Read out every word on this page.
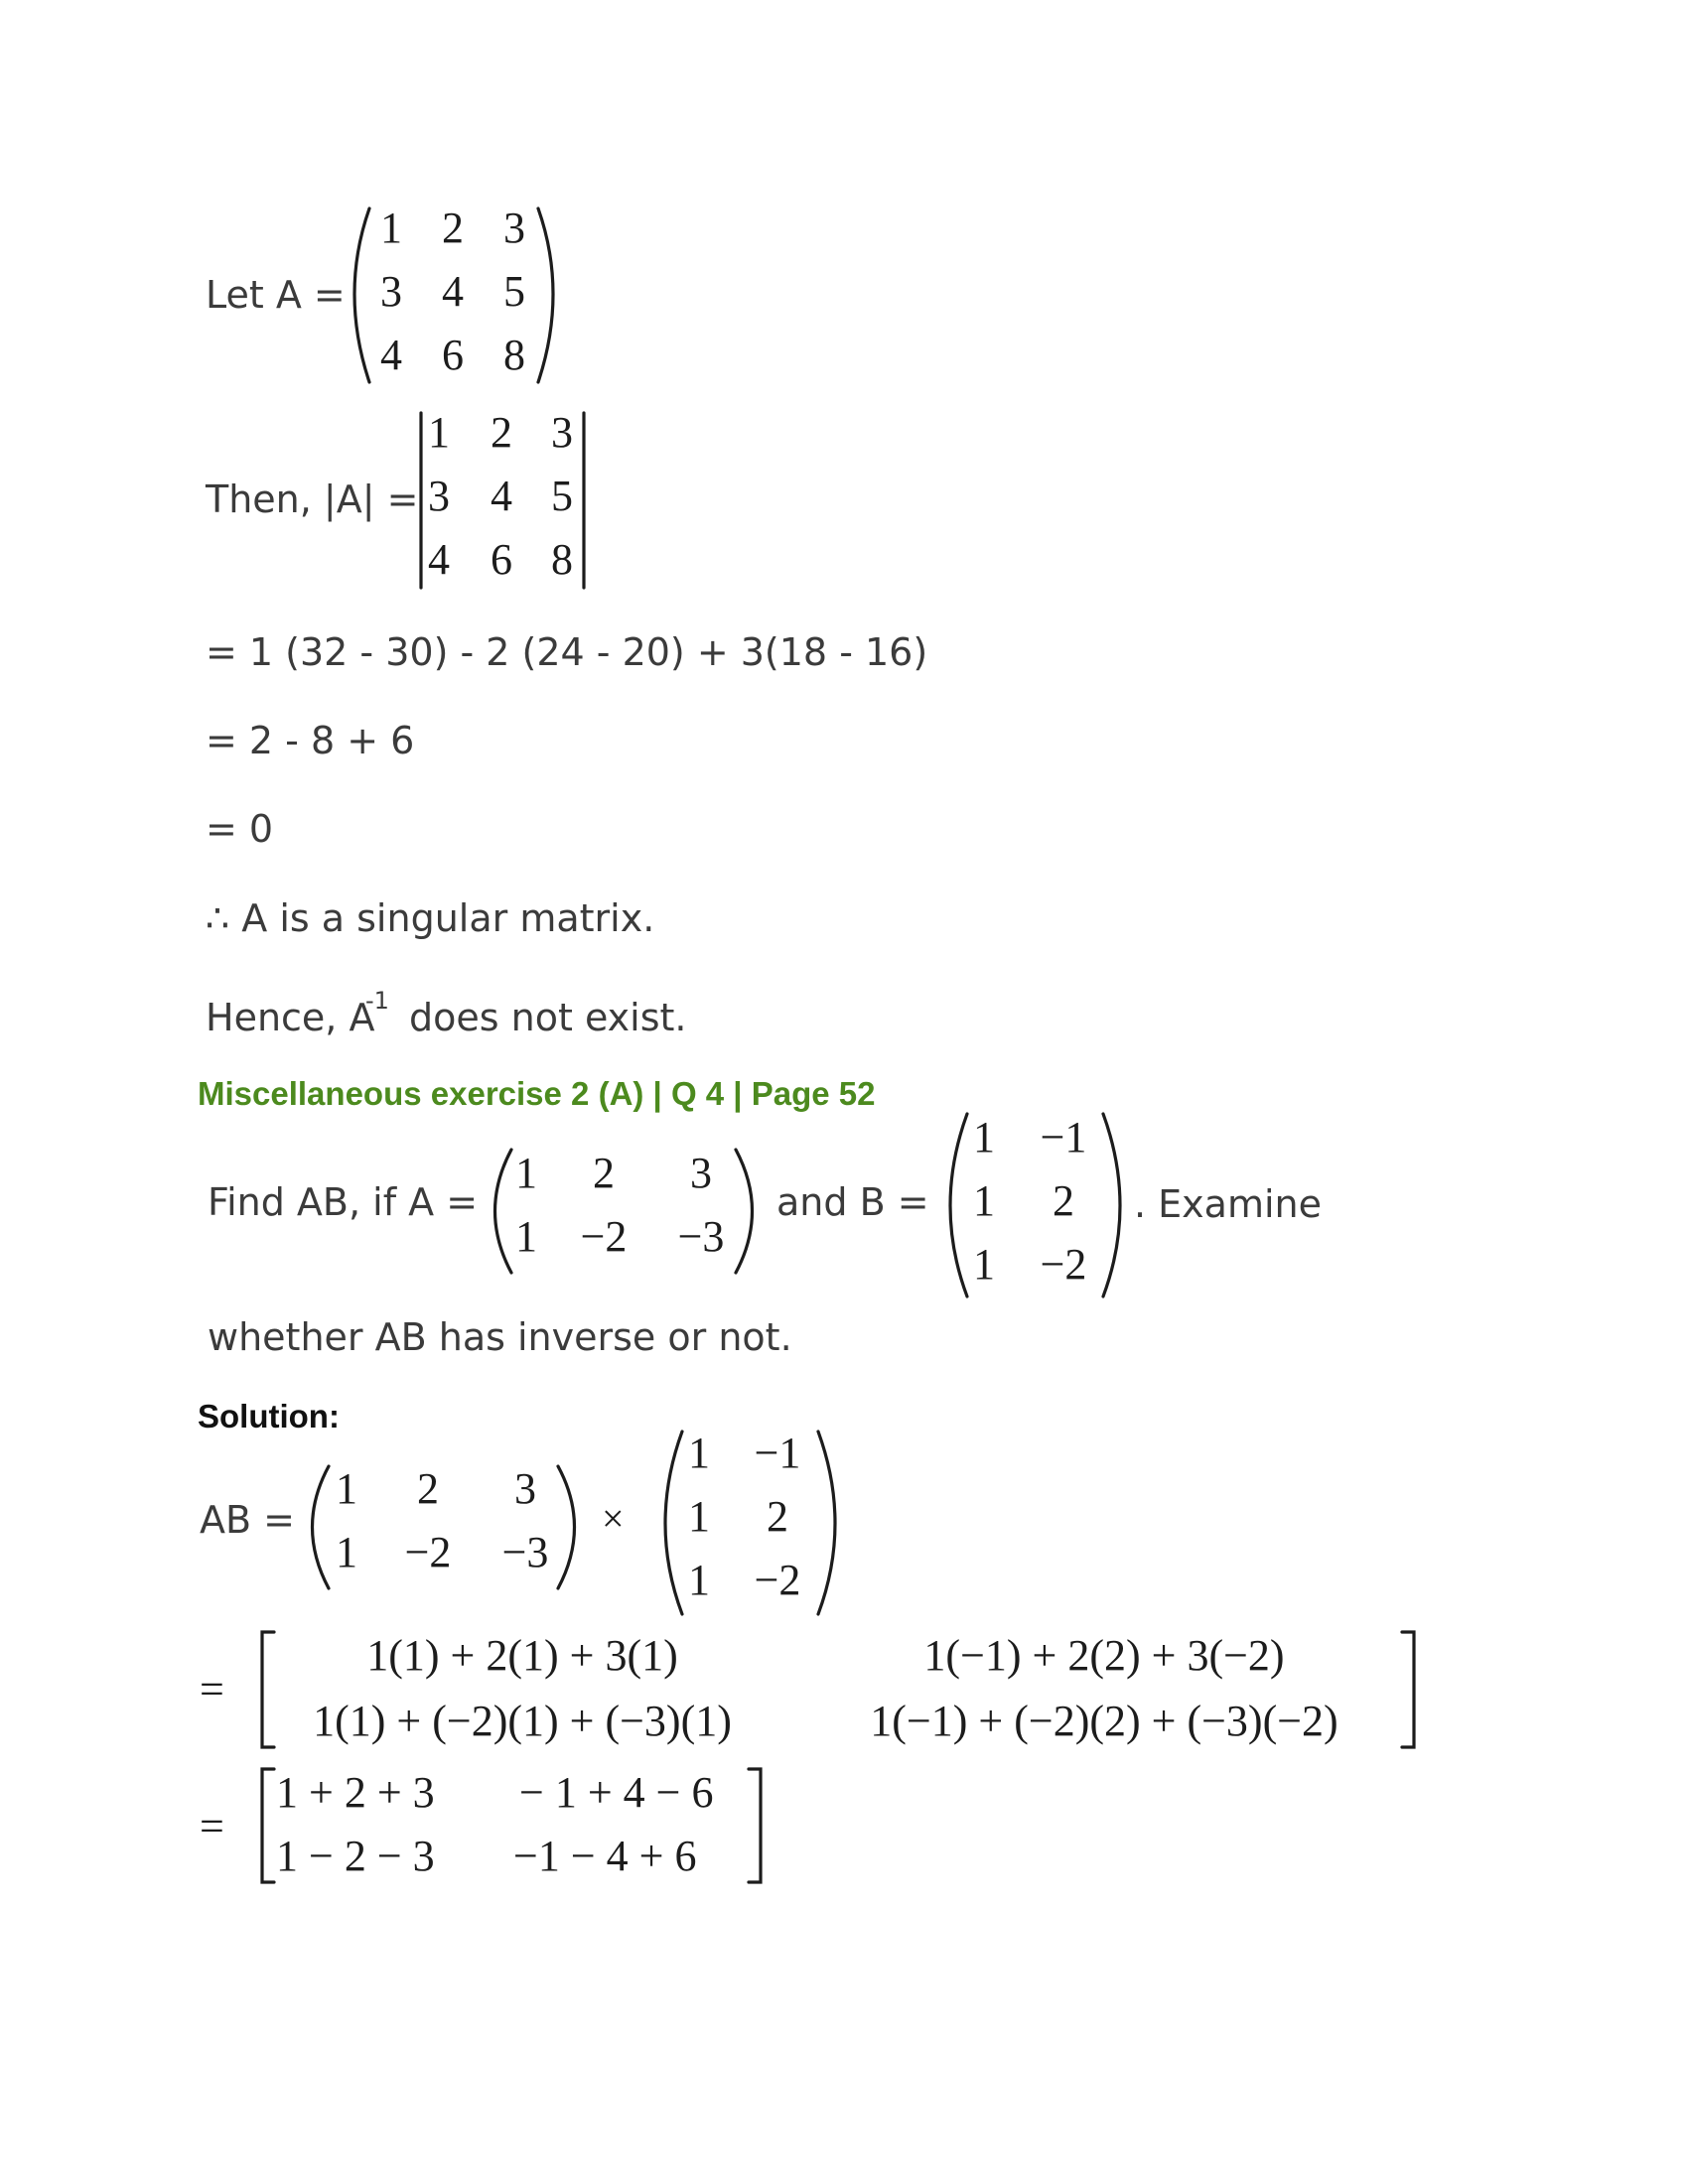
Let A =
1 2 3
3 4 5
4 6 8
Then, |A| =
1 2 3
3 4 5
4 6 8
= 1 (32 - 30) - 2 (24 - 20) + 3(18 - 16)
= 2 - 8 + 6
= 0
∴ A is a singular matrix.
Hence, A
-1 does not exist.
Miscellaneous exercise 2 (A) | Q 4 | Page 52
Find AB, if A =
1 2 3
1 −2 −3
and B =
1 −1
1 2
1 −2
. Examine
whether AB has inverse or not.
Solution:
AB =
1 2 3
1 −2 −3
×
1 −1
1 2
1 −2
=
1(1) + 2(1) + 3(1)	1(−1) + 2(2) + 3(−2)
1(1) + (−2)(1) + (−3)(1)	1(−1) + (−2)(2) + (−3)(−2)
=
1 + 2 + 3 − 1 + 4 − 6
1 − 2 − 3 −1 − 4 + 6
